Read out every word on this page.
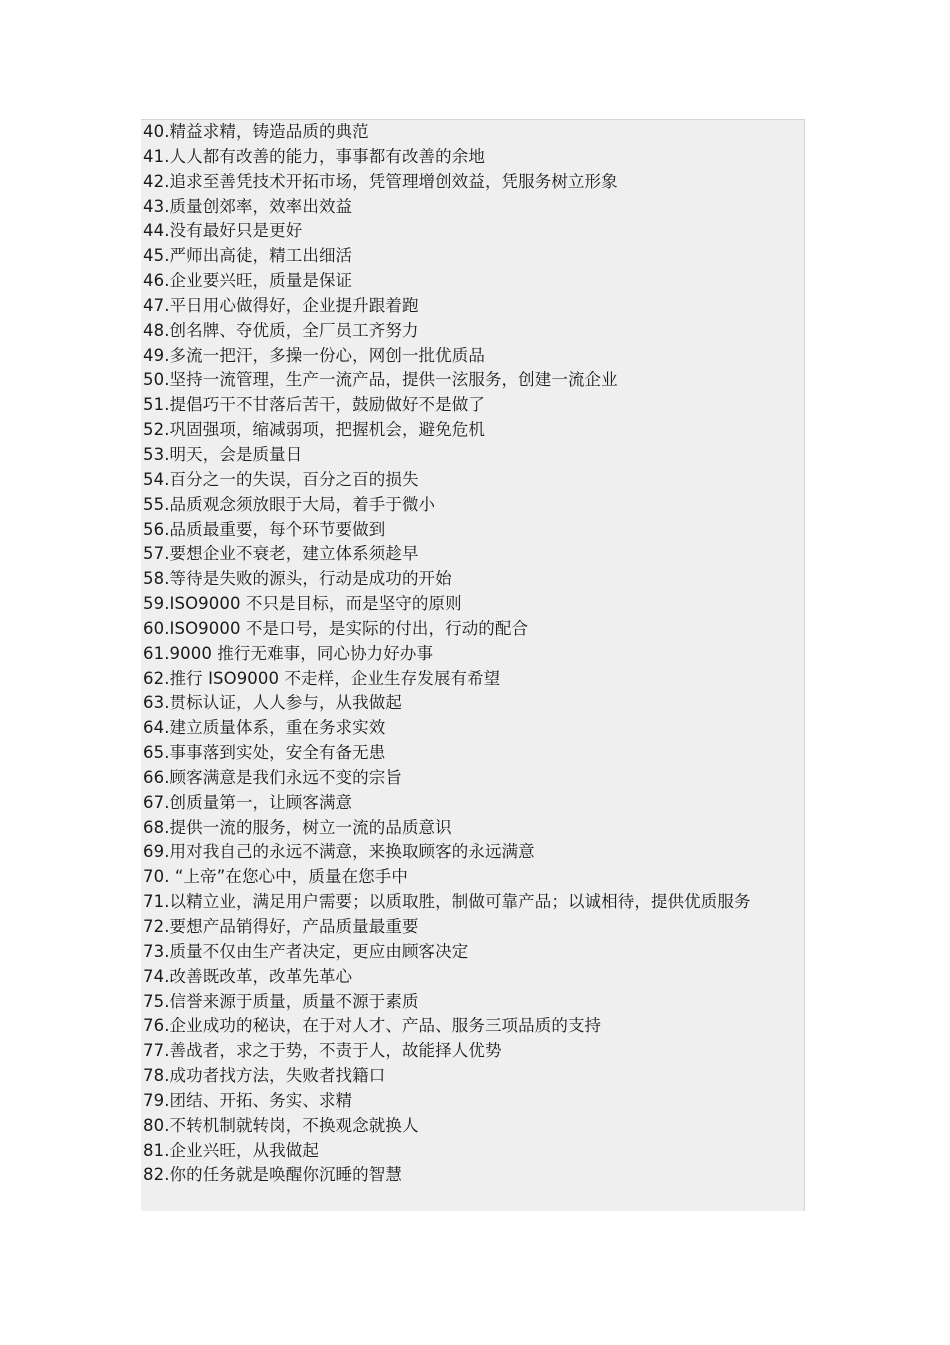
40.精益求精，铸造品质的典范
41.人人都有改善的能力，事事都有改善的余地
42.追求至善凭技术开拓市场，凭管理增创效益，凭服务树立形象
43.质量创郊率，效率出效益
44.没有最好只是更好
45.严师出高徒，精工出细活
46.企业要兴旺，质量是保证
47.平日用心做得好，企业提升跟着跑
48.创名牌、夺优质，全厂员工齐努力
49.多流一把汗，多操一份心，网创一批优质品
50.坚持一流管理，生产一流产品，提供一泫服务，创建一流企业
51.提倡巧干不甘落后苦干，鼓励做好不是做了
52.巩固强项，缩减弱项，把握机会，避免危机
53.明天，会是质量日
54.百分之一的失误，百分之百的损失
55.品质观念须放眼于大局，着手于微小
56.品质最重要，每个环节要做到
57.要想企业不衰老，建立体系须趁早
58.等待是失败的源头，行动是成功的开始
59.ISO9000 不只是目标，而是坚守的原则
60.ISO9000 不是口号，是实际的付出，行动的配合
61.9000 推行无难事，同心协力好办事
62.推行 ISO9000 不走样，企业生存发展有希望
63.贯标认证，人人参与，从我做起
64.建立质量体系，重在务求实效
65.事事落到实处，安全有备无患
66.顾客满意是我们永远不变的宗旨
67.创质量第一，让顾客满意
68.提供一流的服务，树立一流的品质意识
69.用对我自己的永远不满意，来换取顾客的永远满意
70. “上帝”在您心中，质量在您手中
71.以精立业，满足用户需要；以质取胜，制做可靠产品；以诚相待，提供优质服务
72.要想产品销得好，产品质量最重要
73.质量不仅由生产者决定，更应由顾客决定
74.改善既改革，改革先革心
75.信誉来源于质量，质量不源于素质
76.企业成功的秘诀，在于对人才、产品、服务三项品质的支持
77.善战者，求之于势，不责于人，故能择人优势
78.成功者找方法，失败者找籍口
79.团结、开拓、务实、求精
80.不转机制就转岗，不换观念就换人
81.企业兴旺，从我做起
82.你的任务就是唤醒你沉睡的智慧
